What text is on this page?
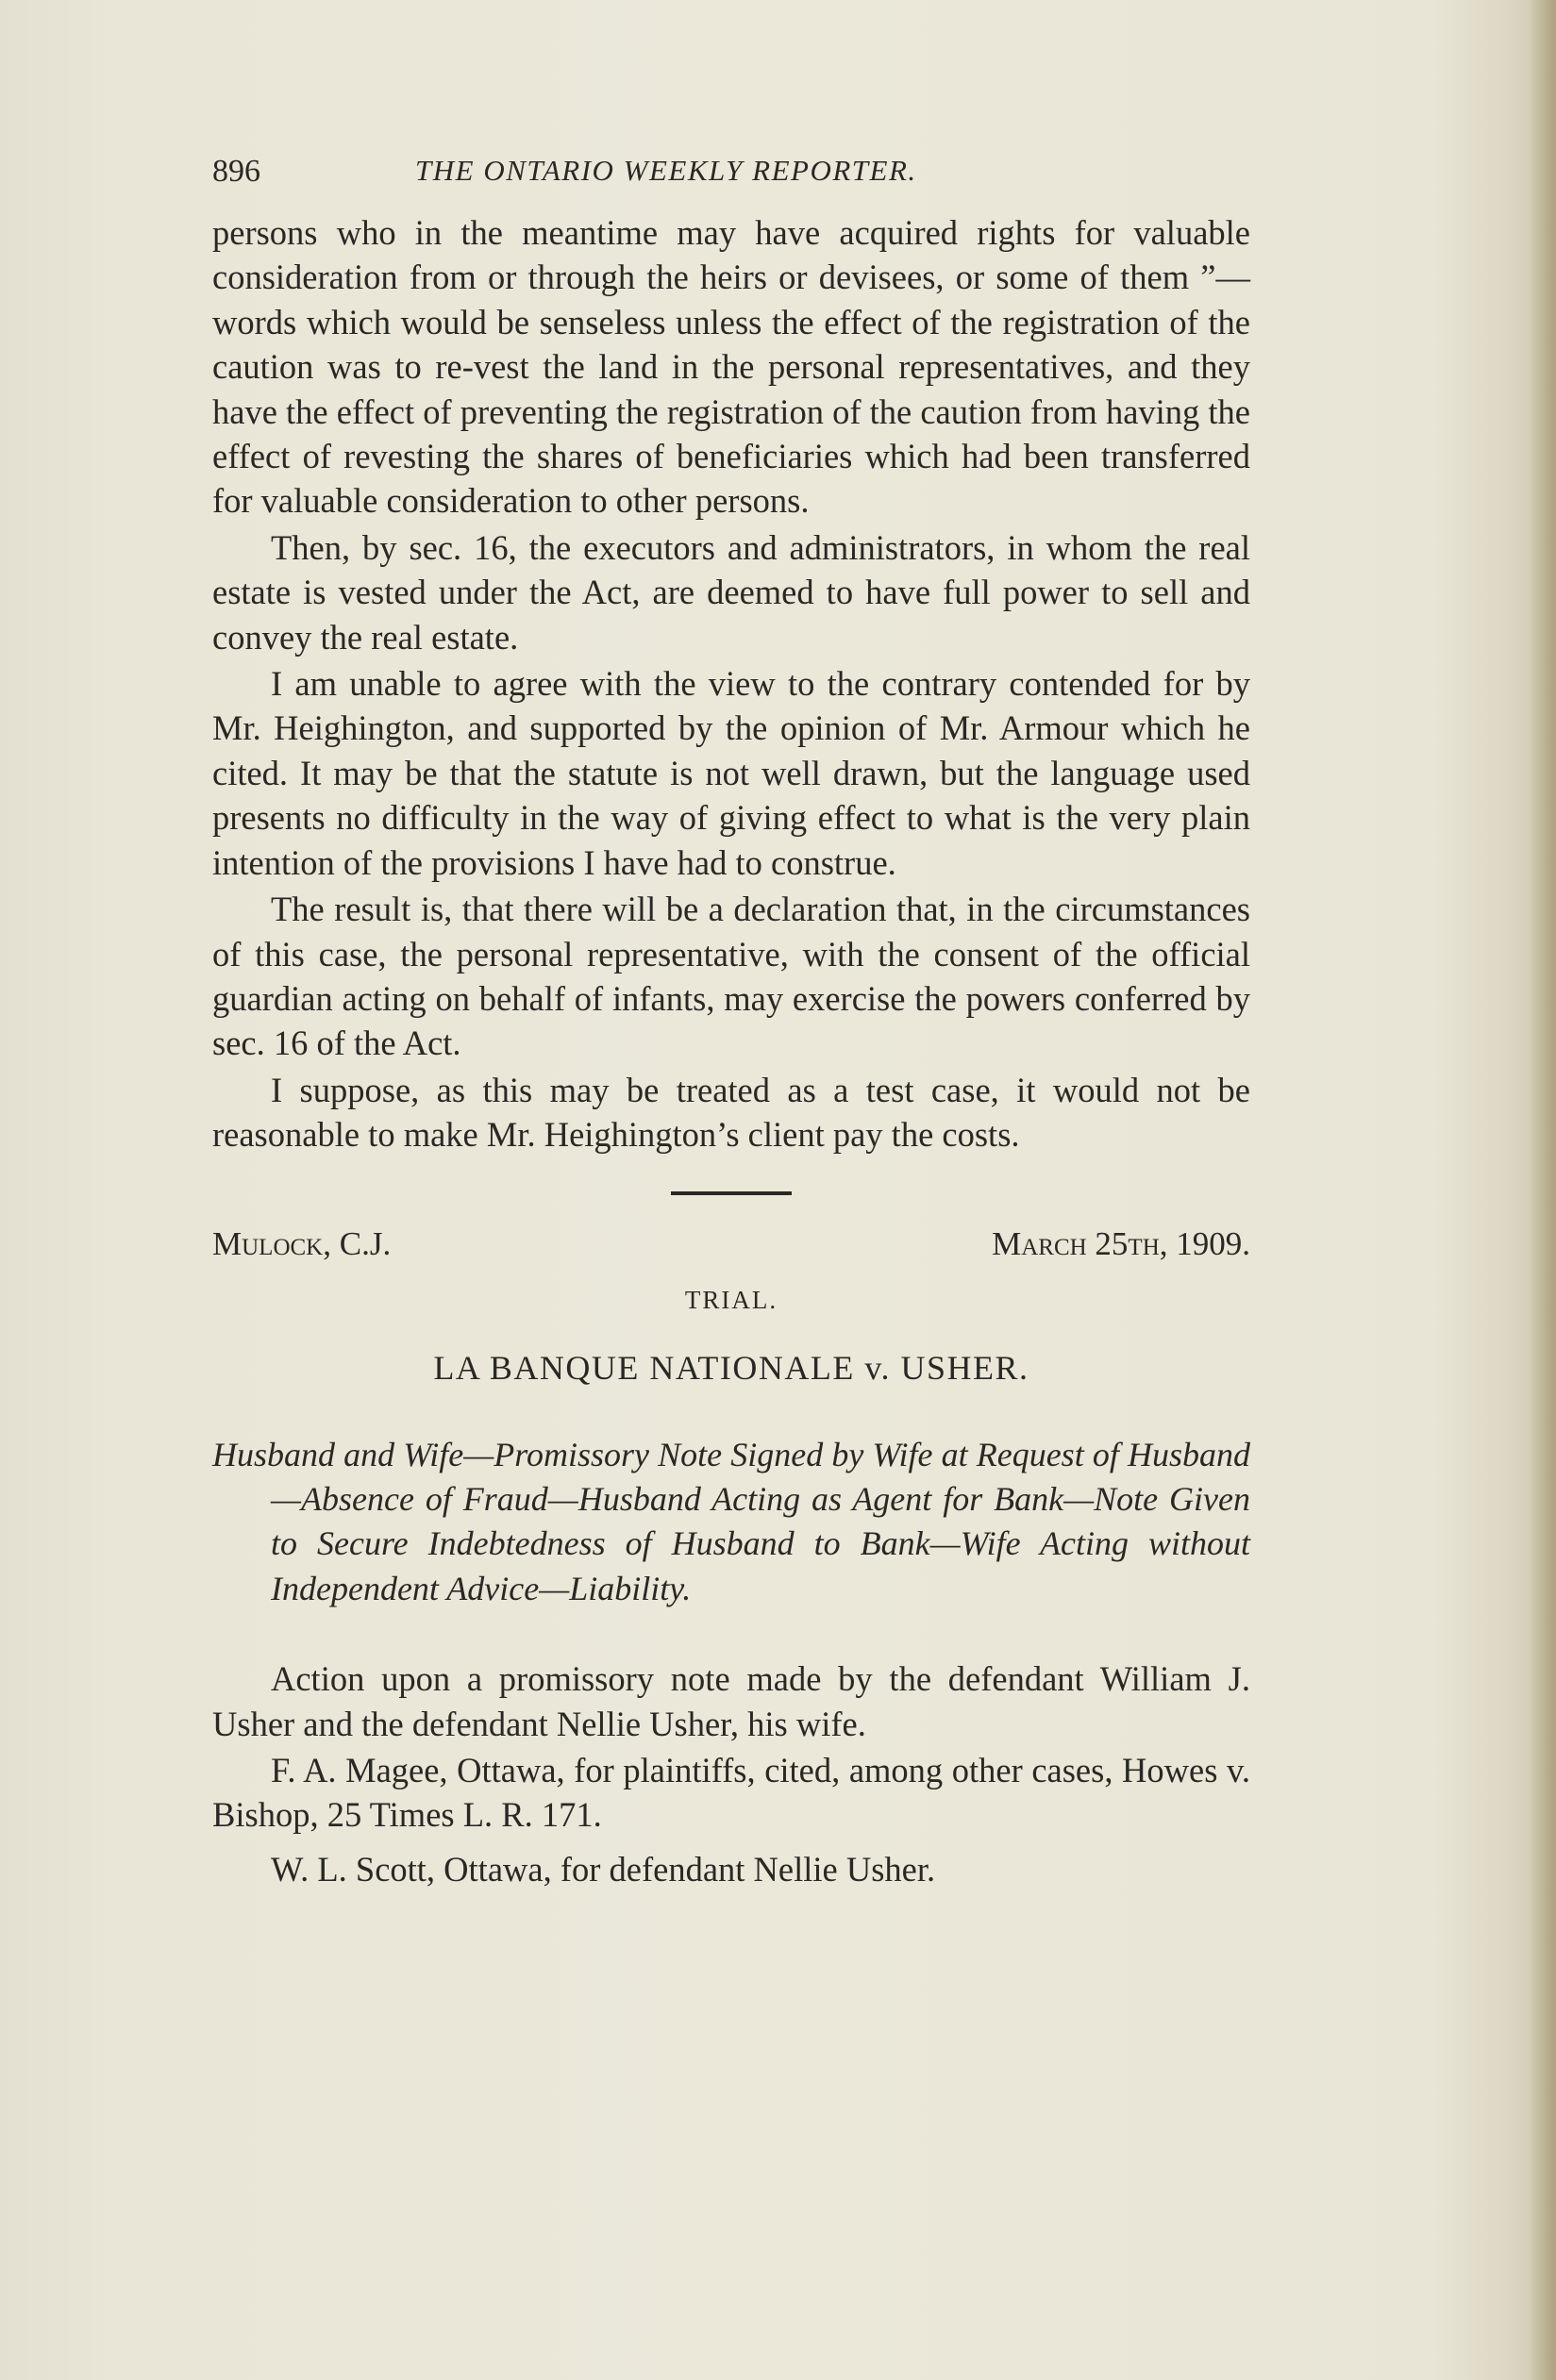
896	THE ONTARIO WEEKLY REPORTER.

persons who in the meantime may have acquired rights for valuable consideration from or through the heirs or devisees, or some of them ”—words which would be senseless unless the effect of the registration of the caution was to re-vest the land in the personal representatives, and they have the effect of preventing the registration of the caution from having the effect of revesting the shares of beneficiaries which had been transferred for valuable consideration to other persons.

Then, by sec. 16, the executors and administrators, in whom the real estate is vested under the Act, are deemed to have full power to sell and convey the real estate.

I am unable to agree with the view to the contrary contended for by Mr. Heighington, and supported by the opinion of Mr. Armour which he cited. It may be that the statute is not well drawn, but the language used presents no difficulty in the way of giving effect to what is the very plain intention of the provisions I have had to construe.

The result is, that there will be a declaration that, in the circumstances of this case, the personal representative, with the consent of the official guardian acting on behalf of infants, may exercise the powers conferred by sec. 16 of the Act.

I suppose, as this may be treated as a test case, it would not be reasonable to make Mr. Heighington’s client pay the costs.

Mulock, C.J.	March 25th, 1909.
TRIAL.
LA BANQUE NATIONALE v. USHER.

Husband and Wife—Promissory Note Signed by Wife at Request of Husband—Absence of Fraud—Husband Acting as Agent for Bank—Note Given to Secure Indebtedness of Husband to Bank—Wife Acting without Independent Advice—Liability.

Action upon a promissory note made by the defendant William J. Usher and the defendant Nellie Usher, his wife.

F. A. Magee, Ottawa, for plaintiffs, cited, among other cases, Howes v. Bishop, 25 Times L. R. 171.

W. L. Scott, Ottawa, for defendant Nellie Usher.
